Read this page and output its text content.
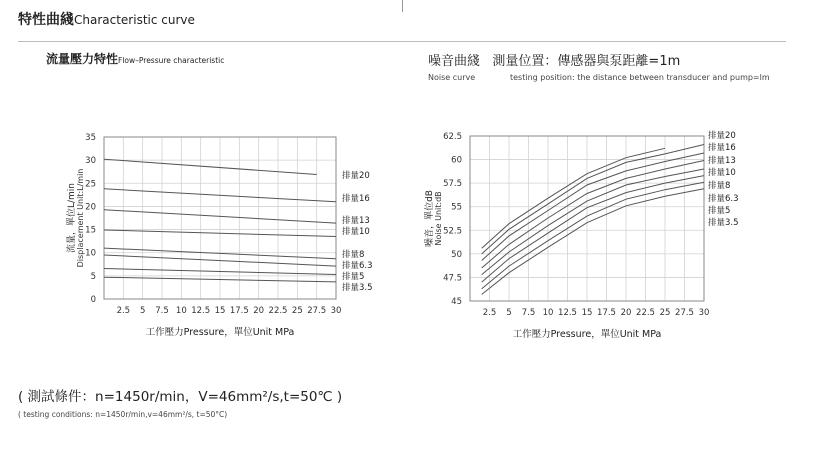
特性曲綫Characteristic curve
流量壓力特性Flow–Pressure characteristic	噪音曲綫 測量位置：傳感器與泵距離=1m
Noise curve	testing position: the distance between transducer and pump=lm
2.5 5 7.5 10 12.5 15 17.5 20 22.5 25 27.5 30
0
5
10
15
20
25
30
35
工作壓力Pressure，單位Unit MPa
流量，單位L/min Displacement Unit:L/min	排量20
排量16
排量13
排量10
排量8
排量6.3
排量5
排量3.5
2.5 5 7.5 10 12.5 15 17.5 20 22.5 25 27.5 30
45
47.5
50
52.5
55
57.5
60
62.5
工作壓力Pressure，單位Unit MPa
噪音，單位dB Noise Unit:dB
排量20
排量16
排量13
排量10
排量8
排量6.3
排量5
排量3.5
( 測試條件：n=1450r/min，V=46mm²/s,t=50℃ )
( testing conditions: n=1450r/min,v=46mm²/s, t=50°C)
